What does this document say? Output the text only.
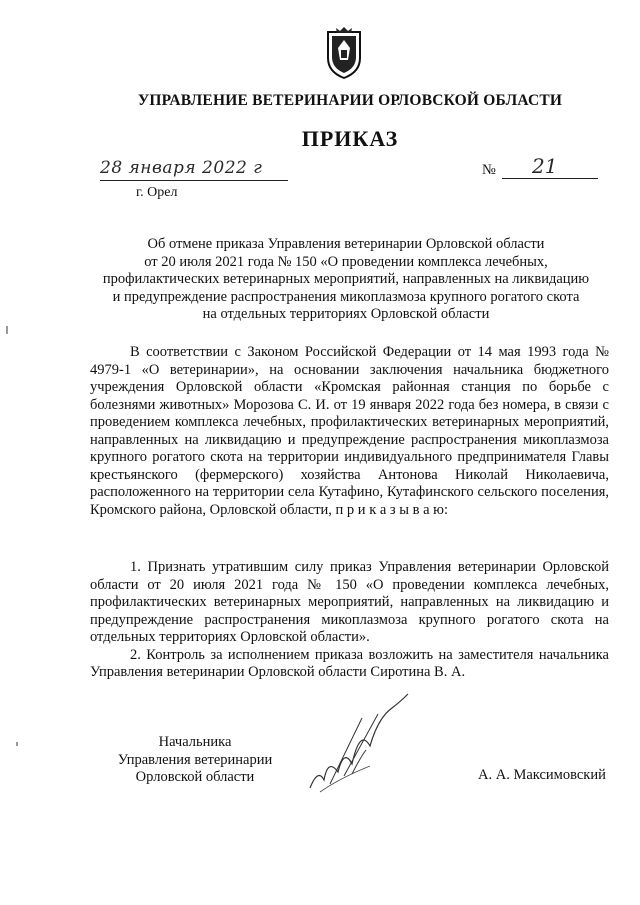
УПРАВЛЕНИЕ ВЕТЕРИНАРИИ ОРЛОВСКОЙ ОБЛАСТИ
ПРИКАЗ
28 января 2022 г
г. Орел
№ 21
Об отмене приказа Управления ветеринарии Орловской области
от 20 июля 2021 года № 150 «О проведении комплекса лечебных,
профилактических ветеринарных мероприятий, направленных на ликвидацию
и предупреждение распространения микоплазмоза крупного рогатого скота
на отдельных территориях Орловской области

В соответствии с Законом Российской Федерации от 14 мая 1993 года № 4979-1 «О ветеринарии», на основании заключения начальника бюджетного учреждения Орловской области «Кромская районная станция по борьбе с болезнями животных» Морозова С. И. от 19 января 2022 года без номера, в связи с проведением комплекса лечебных, профилактических ветеринарных мероприятий, направленных на ликвидацию и предупреждение распространения микоплазмоза крупного рогатого скота на территории индивидуального предпринимателя Главы крестьянского (фермерского) хозяйства Антонова Николай Николаевича, расположенного на территории села Кутафино, Кутафинского сельского поселения, Кромского района, Орловской области, п р и к а з ы в а ю:

1. Признать утратившим силу приказ Управления ветеринарии Орловской области от 20 июля 2021 года № 150 «О проведении комплекса лечебных, профилактических ветеринарных мероприятий, направленных на ликвидацию и предупреждение распространения микоплазмоза крупного рогатого скота на отдельных территориях Орловской области».

2. Контроль за исполнением приказа возложить на заместителя начальника Управления ветеринарии Орловской области Сиротина В. А.

Начальника
Управления ветеринарии
Орловской области	А. А. Максимовский
